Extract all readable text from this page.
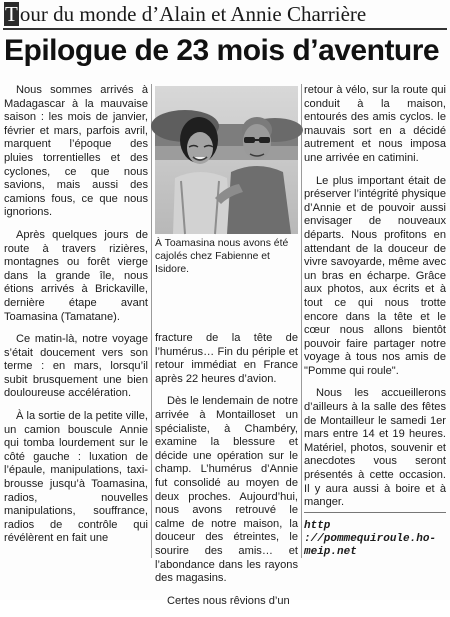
Tour du monde d’Alain et Annie Charrière
Epilogue de 23 mois d’aventure

Nous sommes arrivés à Madagascar à la mauvaise saison : les mois de janvier, février et mars, parfois avril, marquent l’époque des pluies torrentielles et des cyclones, ce que nous savions, mais aussi des camions fous, ce que nous ignorions.

Après quelques jours de route à travers rizières, montagnes ou forêt vierge dans la grande île, nous étions arrivés à Brickaville, dernière étape avant Toamasina (Tamatane).

Ce matin-là, notre voyage s’était doucement vers son terme : en mars, lorsqu’il subit brusquement une bien douloureuse accélération.

À la sortie de la petite ville, un camion bouscule Annie qui tomba lourdement sur le côté gauche : luxation de l’épaule, manipulations, taxi-brousse jusqu’à Toamasina, radios, nouvelles manipulations, souffrance, radios de contrôle qui révélèrent en fait une

À Toamasina nous avons été cajolés chez Fabienne et Isidore.

fracture de la tête de l’humérus… Fin du périple et retour immédiat en France après 22 heures d’avion.

Dès le lendemain de notre arrivée à Montailloset un spécialiste, à Chambéry, examine la blessure et décide une opération sur le champ. L’humérus d’Annie fut consolidé au moyen de deux proches. Aujourd’hui, nous avons retrouvé le calme de notre maison, la douceur des étreintes, le sourire des amis… et l’abondance dans les rayons des magasins.

Certes nous rêvions d’un

retour à vélo, sur la route qui conduit à la maison, entourés des amis cyclos. le mauvais sort en a décidé autrement et nous imposa une arrivée en catimini.

Le plus important était de préserver l’intégrité physique d’Annie et de pouvoir aussi envisager de nouveaux départs. Nous profitons en attendant de la douceur de vivre savoyarde, même avec un bras en écharpe. Grâce aux photos, aux écrits et à tout ce qui nous trotte encore dans la tête et le cœur nous allons bientôt pouvoir faire partager notre voyage à tous nos amis de "Pomme qui roule".

Nous les accueillerons d’ailleurs à la salle des fêtes de Montailleur le samedi 1er mars entre 14 et 19 heures. Matériel, photos, souvenir et anecdotes vous seront présentés à cette occasion. Il y aura aussi à boire et à manger.

http ://pommequiroule.ho-meip.net
